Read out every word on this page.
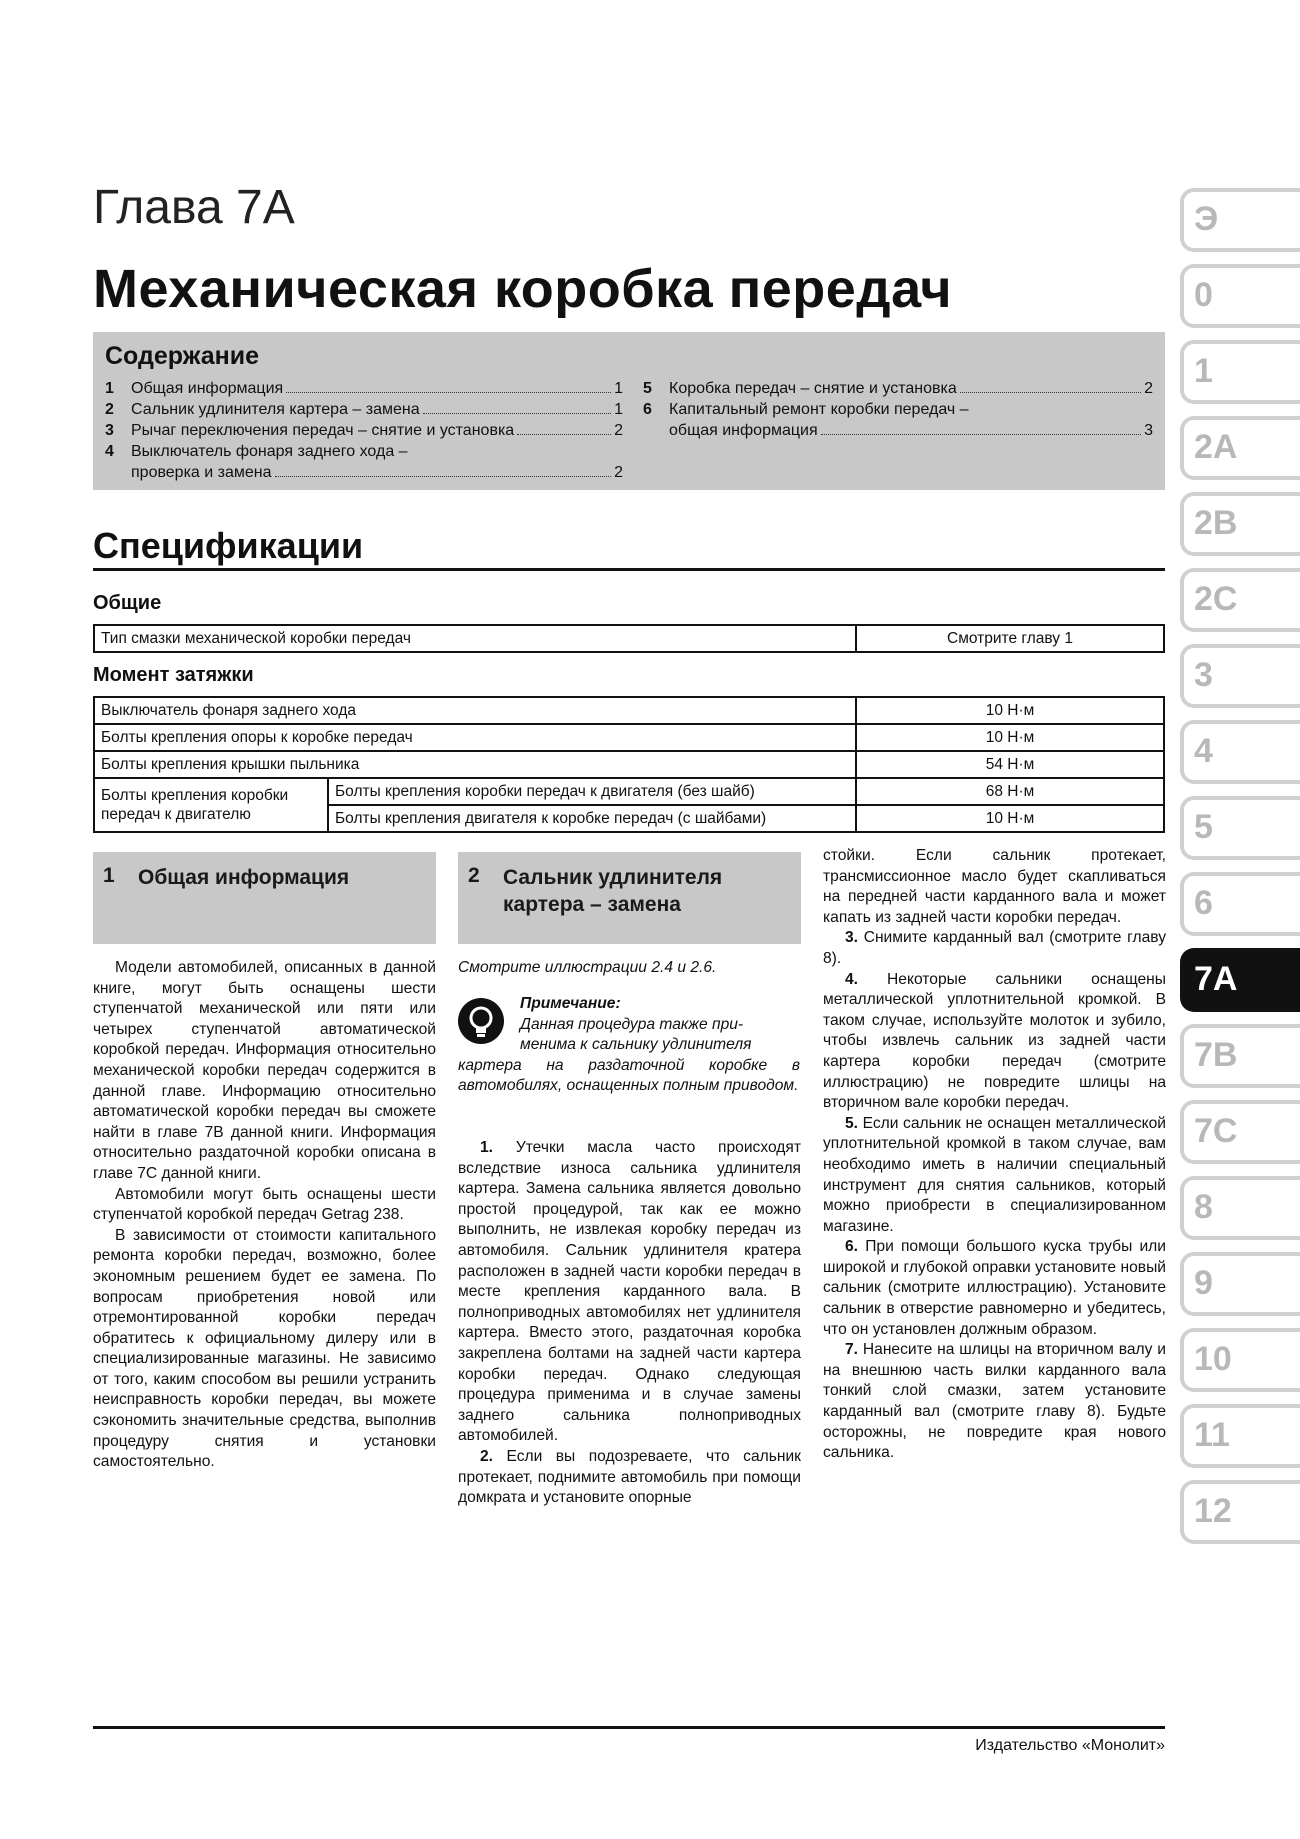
Глава 7А
Механическая коробка передач
Содержание
1	Общая информация	1
2	Сальник удлинителя картера – замена	1
3	Рычаг переключения передач – снятие и установка	2
4	Выключатель фонаря заднего хода –
проверка и замена	2
5	Коробка передач – снятие и установка	2
6	Капитальный ремонт коробки передач –
общая информация	3
Спецификации
Общие
Тип смазки механической коробки передач	Смотрите главу 1
Момент затяжки
Выключатель фонаря заднего хода		10 Н·м
Болты крепления опоры к коробке передач		10 Н·м
Болты крепления крышки пыльника		54 Н·м
Болты крепления коробки передач к двигателю	Болты крепления коробки передач к двигателя (без шайб)	68 Н·м
	Болты крепления двигателя к коробке передач (с шайбами)	10 Н·м
1 Общая информация	2 Сальник удлинителя
картера – замена

Модели автомобилей, описанных в данной книге, могут быть оснащены шести ступенчатой механической или пяти или четырех ступенчатой автоматической коробкой передач. Информация относительно механической коробки передач содержится в данной главе. Информацию относительно автоматической коробки передач вы сможете найти в главе 7В данной книги. Информация относительно раздаточной коробки описана в главе 7С данной книги.

Автомобили могут быть оснащены шести ступенчатой коробкой передач Getrag 238.

В зависимости от стоимости капитального ремонта коробки передач, возможно, более экономным решением будет ее замена. По вопросам приобретения новой или отремонтированной коробки передач обратитесь к официальному дилеру или в специализированные магазины. Не зависимо от того, каким способом вы решили устранить неисправность коробки передач, вы можете сэкономить значительные средства, выполнив процедуру снятия и установки самостоятельно.

Смотрите иллюстрации 2.4 и 2.6.

Примечание:
Данная процедура также при-
менима к сальнику удлинителя
картера на раздаточной коробке в автомобилях, оснащенных полным приводом.

1. Утечки масла часто происходят вследствие износа сальника удлинителя картера. Замена сальника является довольно простой процедурой, так как ее можно выполнить, не извлекая коробку передач из автомобиля. Сальник удлинителя кратера расположен в задней части коробки передач в месте крепления карданного вала. В полноприводных автомобилях нет удлинителя картера. Вместо этого, раздаточная коробка закреплена болтами на задней части картера коробки передач. Однако следующая процедура применима и в случае замены заднего сальника полноприводных автомобилей.

2. Если вы подозреваете, что сальник протекает, поднимите автомобиль при помощи домкрата и установите опорные

стойки. Если сальник протекает, трансмиссионное масло будет скапливаться на передней части карданного вала и может капать из задней части коробки передач.

3. Снимите карданный вал (смотрите главу 8).

4. Некоторые сальники оснащены металлической уплотнительной кромкой. В таком случае, используйте молоток и зубило, чтобы извлечь сальник из задней части картера коробки передач (смотрите иллюстрацию) не повредите шлицы на вторичном вале коробки передач.

5. Если сальник не оснащен металлической уплотнительной кромкой в таком случае, вам необходимо иметь в наличии специальный инструмент для снятия сальников, который можно приобрести в специализированном магазине.

6. При помощи большого куска трубы или широкой и глубокой оправки установите новый сальник (смотрите иллюстрацию). Установите сальник в отверстие равномерно и убедитесь, что он установлен должным образом.

7. Нанесите на шлицы на вторичном валу и на внешнюю часть вилки карданного вала тонкий слой смазки, затем установите карданный вал (смотрите главу 8). Будьте осторожны, не повредите края нового сальника.

Э
0
1
2A
2B
2C
3
4
5
6
7A
7B
7C
8
9
10
11
12
Издательство «Монолит»
